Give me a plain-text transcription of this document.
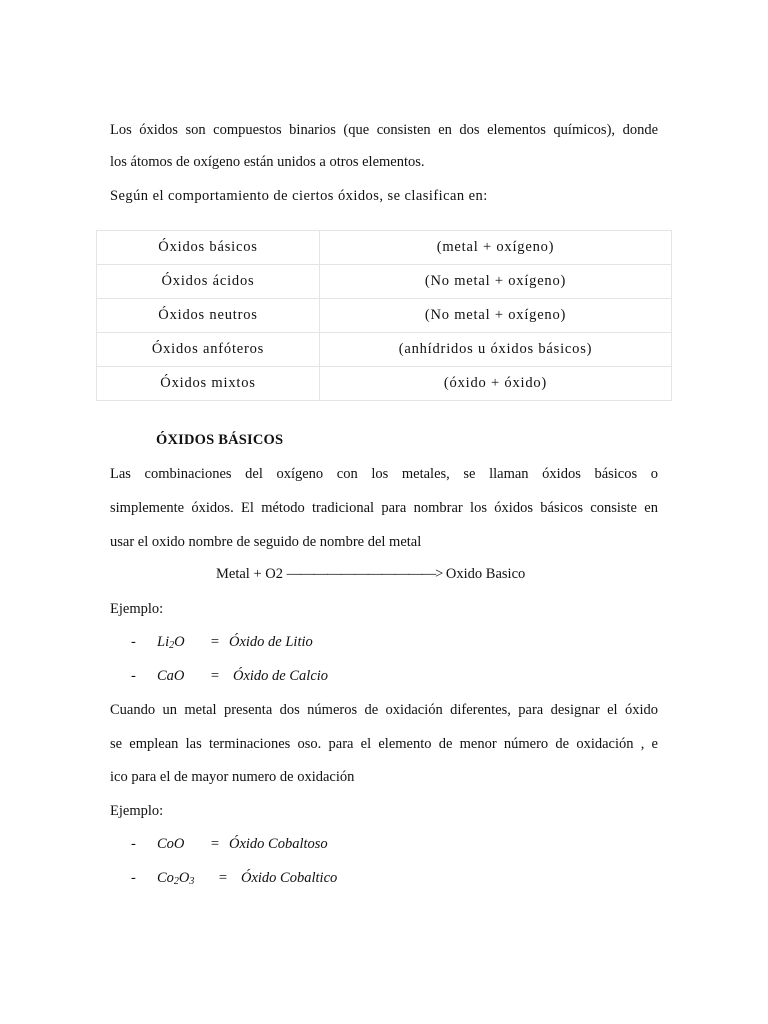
Los óxidos son compuestos binarios (que consisten en dos elementos químicos), donde
los átomos de oxígeno están unidos a otros elementos.
Según el comportamiento de ciertos óxidos, se clasifican en:
Óxidos básicos	(metal + oxígeno)
Óxidos ácidos	(No metal + oxígeno)
Óxidos neutros	(No metal + oxígeno)
Óxidos anfóteros	(anhídridos u óxidos básicos)
Óxidos mixtos	(óxido + óxido)
ÓXIDOS BÁSICOS
Las combinaciones del oxígeno con los metales, se llaman óxidos básicos o
simplemente óxidos. El método tradicional para nombrar los óxidos básicos consiste en
usar el oxido nombre de seguido de nombre del metal
Metal + O2 ———————————> Oxido Basico
Ejemplo:
- $Li_2O$ = Óxido de Litio
- CaO = Óxido de Calcio
Cuando un metal presenta dos números de oxidación diferentes, para designar el óxido
se emplean las terminaciones oso. para el elemento de menor número de oxidación , e
ico para el de mayor numero de oxidación
Ejemplo:
- CoO = Óxido Cobaltoso
- $Co_2O_3$ = Óxido Cobaltico
